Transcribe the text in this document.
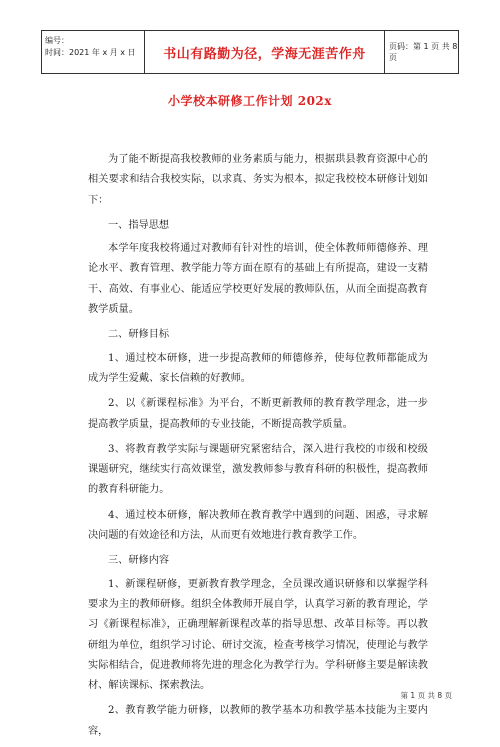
编号：
时间：2021 年 x 月 x 日	书山有路勤为径，学海无涯苦作舟	页码：第 1 页 共 8 页
小学校本研修工作计划 202x

为了能不断提高我校教师的业务素质与能力，根据珙县教育资源中心的相关要求和结合我校实际，以求真、务实为根本，拟定我校校本研修计划如下：

一、指导思想

本学年度我校将通过对教师有针对性的培训，使全体教师师德修养、理论水平、教育管理、教学能力等方面在原有的基础上有所提高，建设一支精干、高效、有事业心、能适应学校更好发展的教师队伍，从而全面提高教育教学质量。

二、研修目标

1、通过校本研修，进一步提高教师的师德修养，使每位教师都能成为成为学生爱戴、家长信赖的好教师。

2、以《新课程标准》为平台，不断更新教师的教育教学理念，进一步提高教学质量，提高教师的专业技能，不断提高教学质量。

3、将教育教学实际与课题研究紧密结合，深入进行我校的市级和校级课题研究，继续实行高效课堂，激发教师参与教育科研的积极性，提高教师的教育科研能力。

4、通过校本研修，解决教师在教育教学中遇到的问题、困惑，寻求解决问题的有效途径和方法，从而更有效地进行教育教学工作。

三、研修内容

1、新课程研修，更新教育教学理念，全员课改通识研修和以掌握学科要求为主的教师研修。组织全体教师开展自学，认真学习新的教育理论，学习《新课程标准》，正确理解新课程改革的指导思想、改革目标等。再以教研组为单位，组织学习讨论、研讨交流，检查考核学习情况，使理论与教学实际相结合，促进教师将先进的理念化为教学行为。学科研修主要是解读教材、解读课标、探索教法。

2、教育教学能力研修，以教师的教学基本功和教学基本技能为主要内容，

第 1 页 共 8 页
